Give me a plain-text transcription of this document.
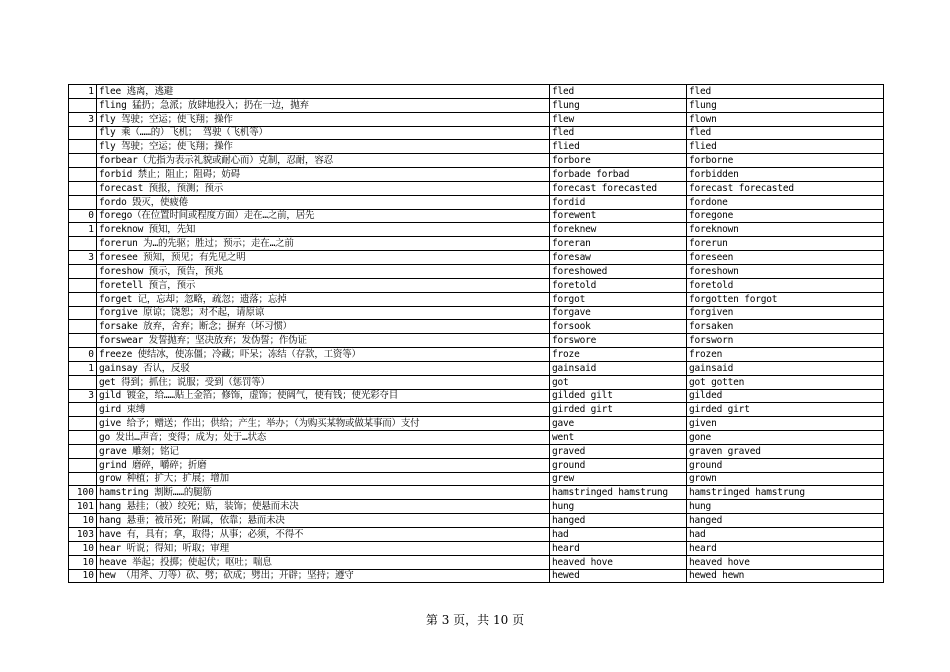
1	flee 逃离，逃避	fled	fled
	fling 猛扔；急派；放肆地投入；扔在一边，抛弃	flung	flung
3	fly 驾驶；空运；使飞翔；操作	flew	flown
	fly 乘（……的）飞机； 驾驶（飞机等）	fled	fled
	fly 驾驶；空运；使飞翔；操作	flied	flied
	forbear（尤指为表示礼貌或耐心而）克制，忍耐，容忍	forbore	forborne
	forbid 禁止；阻止；阻碍；妨碍	forbade forbad	forbidden
	forecast 预报，预测；预示	forecast forecasted	forecast forecasted
	fordo 毁灭，使疲倦	fordid	fordone
0	forego（在位置时间或程度方面）走在…之前，居先	forewent	foregone
1	foreknow 预知，先知	foreknew	foreknown
	forerun 为…的先驱；胜过；预示；走在…之前	foreran	forerun
3	foresee 预知，预见；有先见之明	foresaw	foreseen
	foreshow 预示，预告，预兆	foreshowed	foreshown
	foretell 预言，预示	foretold	foretold
	forget 记，忘却；忽略，疏忽；遗落；忘掉	forgot	forgotten forgot
	forgive 原谅；饶恕；对不起，请原谅	forgave	forgiven
	forsake 放弃，舍弃；断念；摒弃（坏习惯）	forsook	forsaken
	forswear 发誓抛弃；坚决放弃；发伪誓；作伪证	forswore	forsworn
0	freeze 使结冰，使冻僵；冷藏；吓呆；冻结（存款，工资等）	froze	frozen
1	gainsay 否认，反驳	gainsaid	gainsaid
	get 得到；抓住；说服；受到（惩罚等）	got	got gotten
3	gild 镀金，给……贴上金箔；修饰，虚饰；使阔气，使有钱；使光彩夺目	gilded gilt	gilded
	gird 束缚	girded girt	girded girt
	give 给予；赠送；作出；供给；产生；举办；（为购买某物或做某事而）支付	gave	given
	go 发出…声音；变得；成为；处于…状态	went	gone
	grave 雕刻；铭记	graved	graven graved
	grind 磨碎，嚼碎；折磨	ground	ground
	grow 种植；扩大；扩展；增加	grew	grown
100	hamstring 割断……的腿筋	hamstringed hamstrung	hamstringed hamstrung
101	hang 悬挂；（被）绞死；贴，装饰；使悬而未决	hung	hung
10	hang 悬垂；被吊死；附属，依靠；悬而未决	hanged	hanged
103	have 有，具有；拿，取得；从事；必须，不得不	had	had
10	hear 听说；得知；听取；审理	heard	heard
10	heave 举起；投掷；使起伏；呕吐；喘息	heaved hove	heaved hove
10	hew （用斧、刀等）砍、劈；砍成；劈出；开辟；坚持；遵守	hewed	hewed hewn
第 3 页，共 10 页
